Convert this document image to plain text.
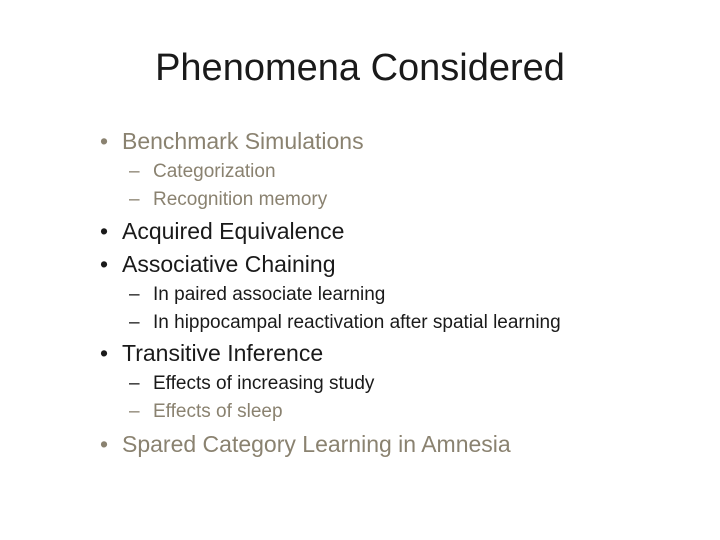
Phenomena Considered
• Benchmark Simulations
– Categorization
– Recognition memory
• Acquired Equivalence
• Associative Chaining
– In paired associate learning
– In hippocampal reactivation after spatial learning
• Transitive Inference
– Effects of increasing study
– Effects of sleep
• Spared Category Learning in Amnesia
